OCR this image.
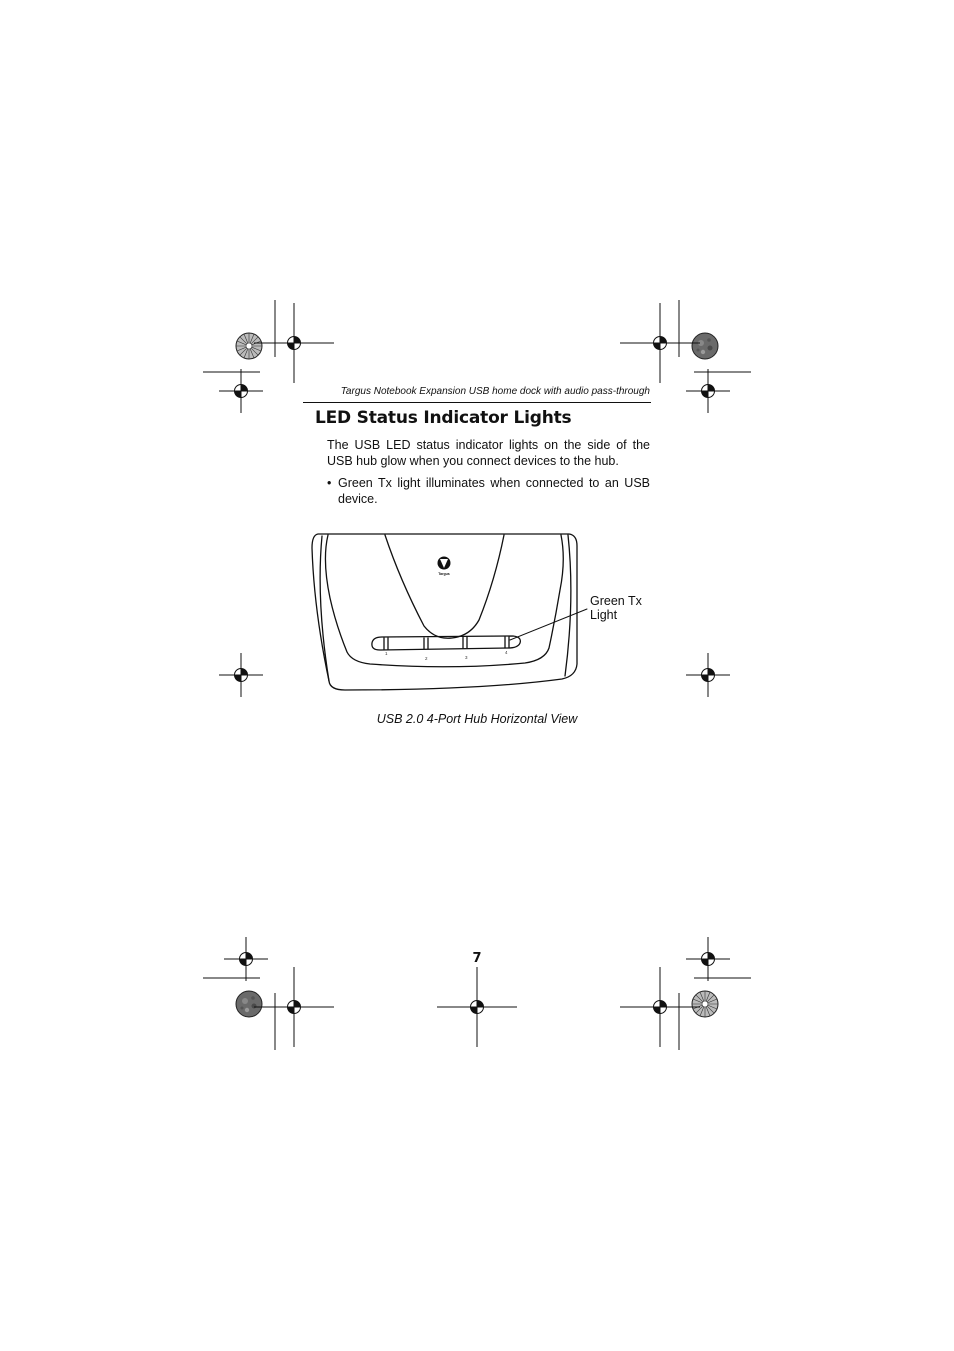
Targus Notebook Expansion USB home dock with audio pass-through
LED Status Indicator Lights

The USB LED status indicator lights on the side of the USB hub glow when you connect devices to the hub.

• Green Tx light illuminates when connected to an USB device.

1
2	3
4
Targus
Green Tx
Light
USB 2.0 4-Port Hub Horizontal View
7
